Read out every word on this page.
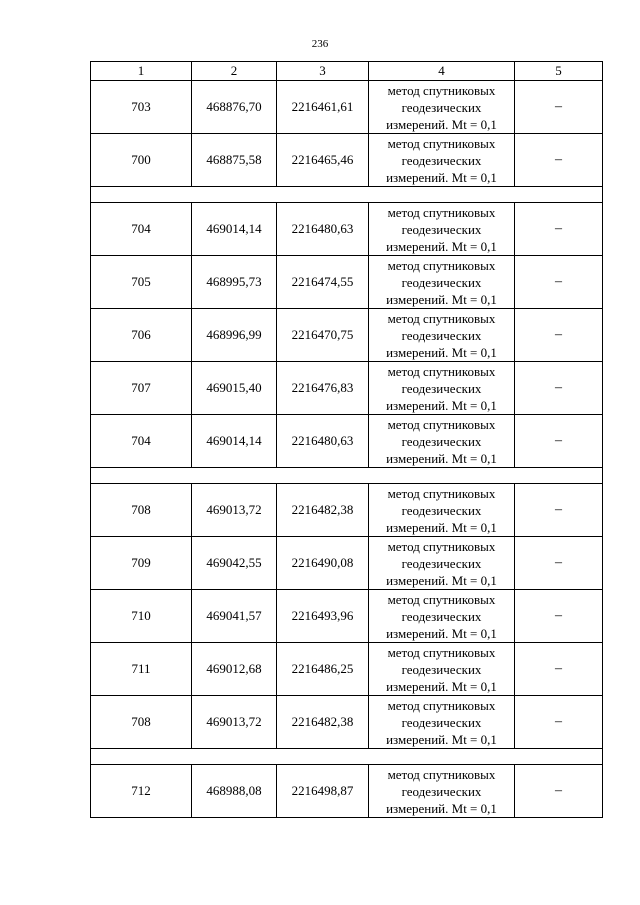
236
1	2	3	4	5
703	468876,70	2216461,61	метод спутниковых
геодезических
измерений. Mt = 0,1	–
700	468875,58	2216465,46	метод спутниковых
геодезических
измерений. Mt = 0,1	–

704	469014,14	2216480,63	метод спутниковых
геодезических
измерений. Mt = 0,1	–
705	468995,73	2216474,55	метод спутниковых
геодезических
измерений. Mt = 0,1	–
706	468996,99	2216470,75	метод спутниковых
геодезических
измерений. Mt = 0,1	–
707	469015,40	2216476,83	метод спутниковых
геодезических
измерений. Mt = 0,1	–
704	469014,14	2216480,63	метод спутниковых
геодезических
измерений. Mt = 0,1	–

708	469013,72	2216482,38	метод спутниковых
геодезических
измерений. Mt = 0,1	–
709	469042,55	2216490,08	метод спутниковых
геодезических
измерений. Mt = 0,1	–
710	469041,57	2216493,96	метод спутниковых
геодезических
измерений. Mt = 0,1	–
711	469012,68	2216486,25	метод спутниковых
геодезических
измерений. Mt = 0,1	–
708	469013,72	2216482,38	метод спутниковых
геодезических
измерений. Mt = 0,1	–

712	468988,08	2216498,87	метод спутниковых
геодезических
измерений. Mt = 0,1	–
